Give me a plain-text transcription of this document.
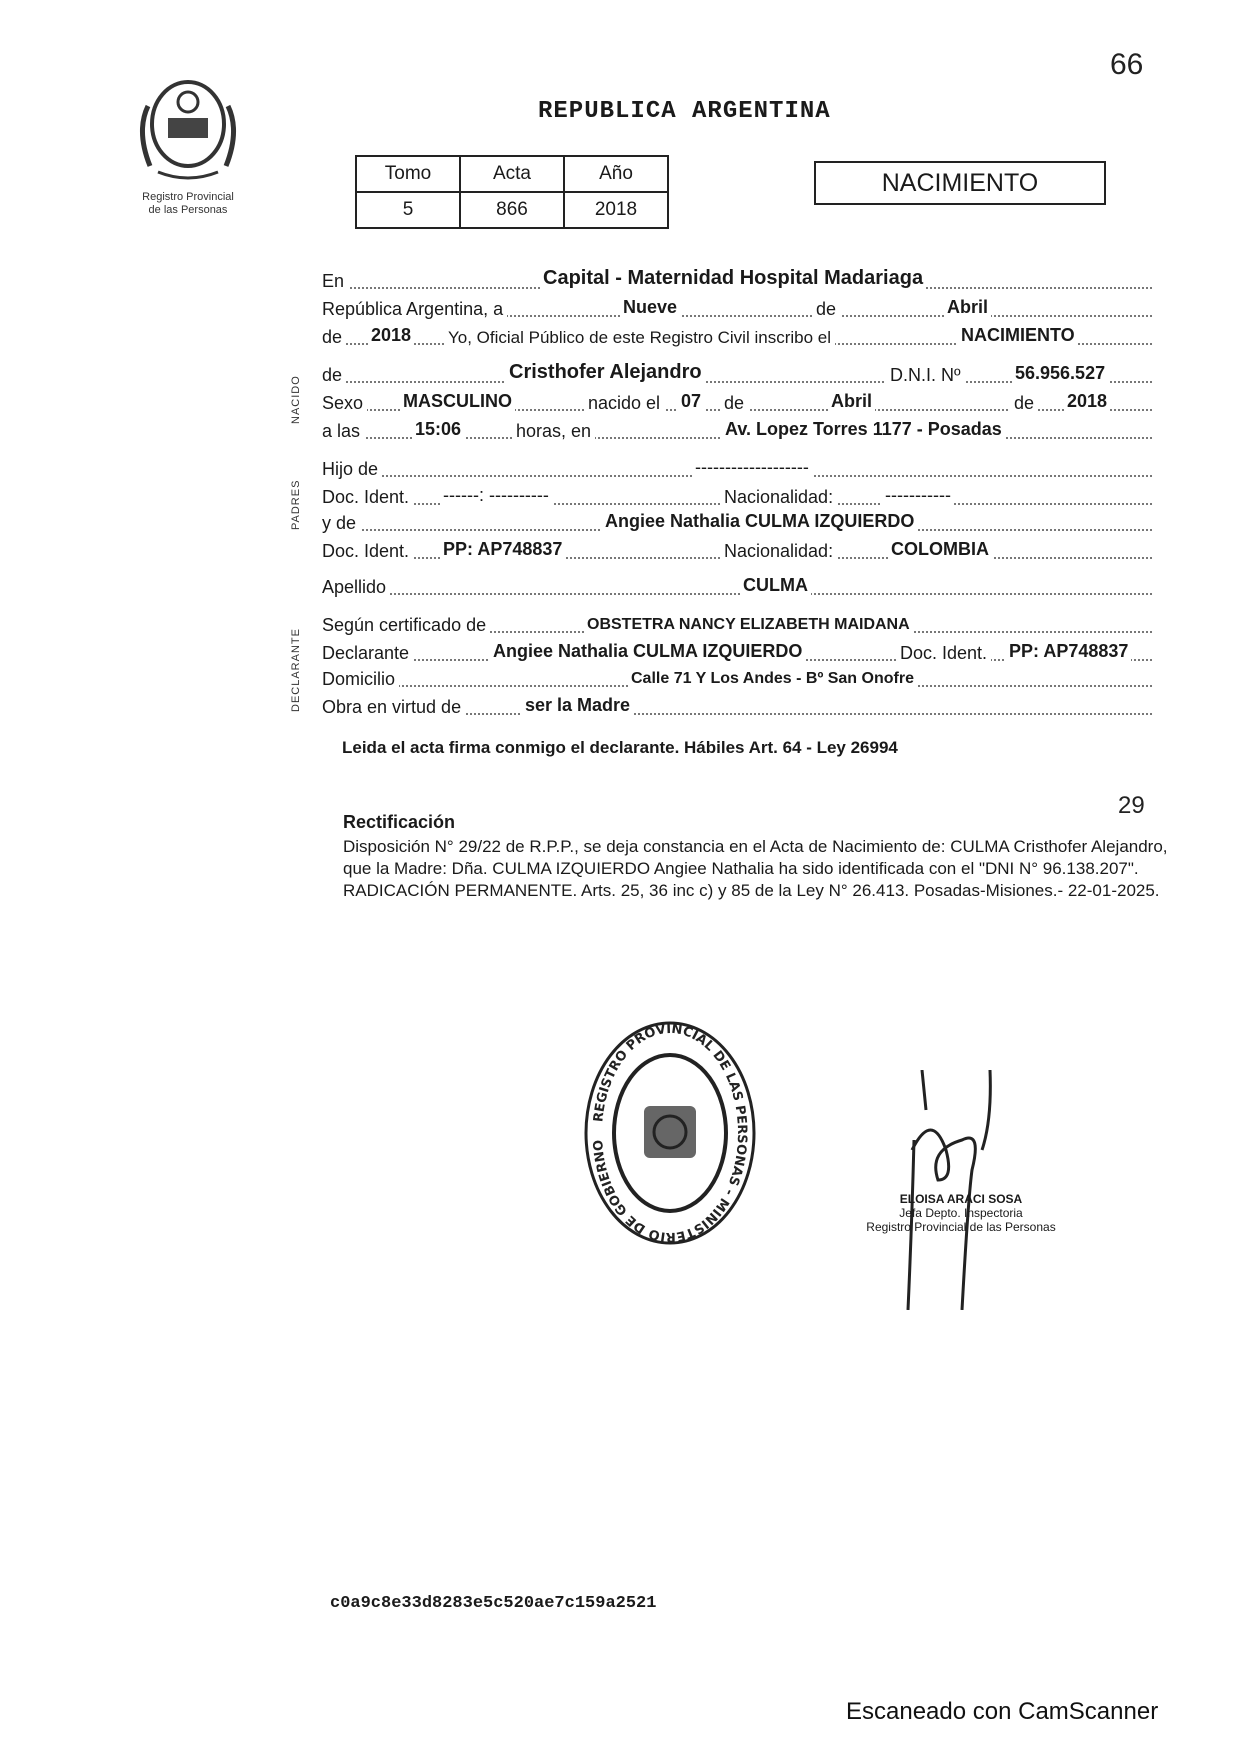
66
Registro Provincial
de las Personas
REPUBLICA ARGENTINA
Tomo	Acta	Año
5	866	2018
NACIMIENTO
NACIDO
PADRES
DECLARANTE
En	Capital - Maternidad Hospital Madariaga
República Argentina, a	Nueve	de	Abril
de 2018 Yo, Oficial Público de este Registro Civil inscribo el	NACIMIENTO
de	Cristhofer Alejandro	D.N.I. Nº	56.956.527
Sexo MASCULINO	nacido el 07 de	Abril	de 2018
a las	15:06	horas, en	Av. Lopez Torres 1177 - Posadas
Hijo de	-------------------
Doc. Ident. ------: ----------	Nacionalidad:	-----------
y de	Angiee Nathalia CULMA IZQUIERDO
Doc. Ident. PP: AP748837	Nacionalidad:	COLOMBIA
Apellido	CULMA
Según certificado de	OBSTETRA NANCY ELIZABETH MAIDANA
Declarante	Angiee Nathalia CULMA IZQUIERDO	Doc. Ident. PP: AP748837
Domicilio	Calle 71 Y Los Andes - Bº San Onofre
Obra en virtud de	ser la Madre
Leida el acta firma conmigo el declarante. Hábiles Art. 64 - Ley 26994
29
Rectificación
Disposición N° 29/22 de R.P.P., se deja constancia en el Acta de Nacimiento de: CULMA Cristhofer Alejandro, que la Madre: Dña. CULMA IZQUIERDO Angiee Nathalia ha sido identificada con el "DNI N° 96.138.207". RADICACIÓN PERMANENTE. Arts. 25, 36 inc c) y 85 de la Ley N° 26.413. Posadas-Misiones.- 22-01-2025.
REGISTRO PROVINCIAL DE LAS PERSONAS - MINISTERIO DE GOBIERNO
ELOISA ARACI SOSA
Jefa Depto. Inspectoria
Registro Provincial de las Personas
c0a9c8e33d8283e5c520ae7c159a2521
Escaneado con CamScanner
